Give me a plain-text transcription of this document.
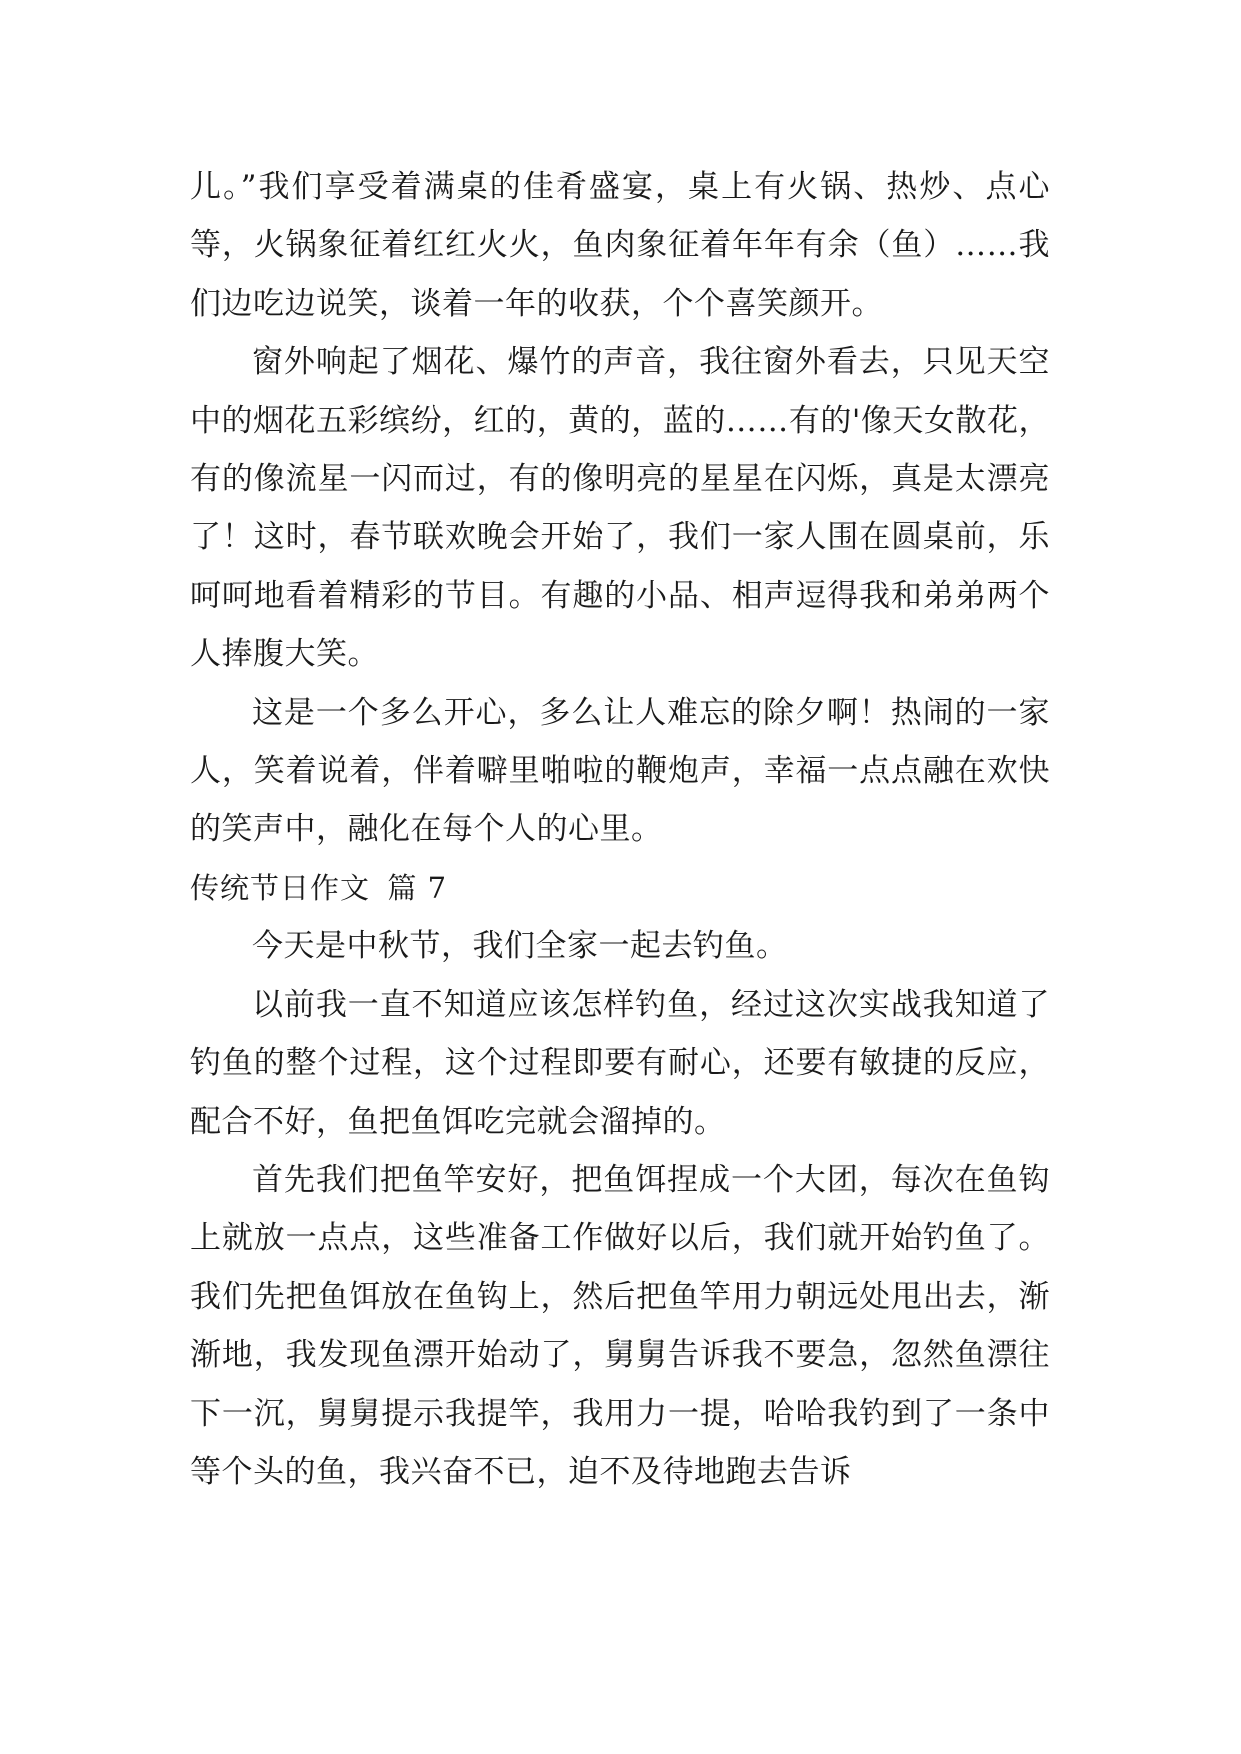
儿。”我们享受着满桌的佳肴盛宴，桌上有火锅、热炒、点心等，火锅象征着红红火火，鱼肉象征着年年有余（鱼）……我们边吃边说笑，谈着一年的收获，个个喜笑颜开。

窗外响起了烟花、爆竹的声音，我往窗外看去，只见天空中的烟花五彩缤纷，红的，黄的，蓝的……有的'像天女散花，有的像流星一闪而过，有的像明亮的星星在闪烁，真是太漂亮了！这时，春节联欢晚会开始了，我们一家人围在圆桌前，乐呵呵地看着精彩的节目。有趣的小品、相声逗得我和弟弟两个人捧腹大笑。

这是一个多么开心，多么让人难忘的除夕啊！热闹的一家人，笑着说着，伴着噼里啪啦的鞭炮声，幸福一点点融在欢快的笑声中，融化在每个人的心里。

传统节日作文 篇 7

今天是中秋节，我们全家一起去钓鱼。

以前我一直不知道应该怎样钓鱼，经过这次实战我知道了钓鱼的整个过程，这个过程即要有耐心，还要有敏捷的反应，配合不好，鱼把鱼饵吃完就会溜掉的。

首先我们把鱼竿安好，把鱼饵捏成一个大团，每次在鱼钩上就放一点点，这些准备工作做好以后，我们就开始钓鱼了。我们先把鱼饵放在鱼钩上，然后把鱼竿用力朝远处甩出去，渐渐地，我发现鱼漂开始动了，舅舅告诉我不要急，忽然鱼漂往下一沉，舅舅提示我提竿，我用力一提，哈哈我钓到了一条中等个头的鱼，我兴奋不已，迫不及待地跑去告诉
